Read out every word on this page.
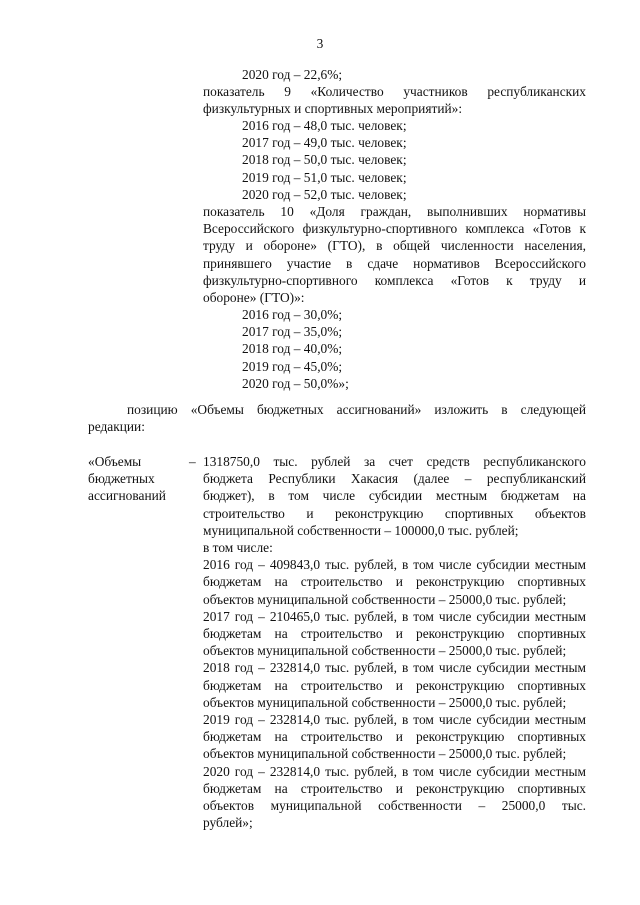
3
2020 год – 22,6%;
показатель 9 «Количество участников республиканских
физкультурных и спортивных мероприятий»:
2016 год – 48,0 тыс. человек;
2017 год – 49,0 тыс. человек;
2018 год – 50,0 тыс. человек;
2019 год – 51,0 тыс. человек;
2020 год – 52,0 тыс. человек;
показатель 10 «Доля граждан, выполнивших нормативы
Всероссийского физкультурно-спортивного комплекса «Готов к
труду и обороне» (ГТО), в общей численности населения,
принявшего участие в сдаче нормативов Всероссийского
физкультурно-спортивного комплекса «Готов к труду и
обороне» (ГТО)»:
2016 год – 30,0%;
2017 год – 35,0%;
2018 год – 40,0%;
2019 год – 45,0%;
2020 год – 50,0%»;
позицию «Объемы бюджетных ассигнований» изложить в следующей
редакции:
«Объемы
бюджетных
ассигнований
– 1318750,0 тыс. рублей за счет средств республиканского
бюджета Республики Хакасия (далее – республиканский
бюджет), в том числе субсидии местным бюджетам на
строительство и реконструкцию спортивных объектов
муниципальной собственности – 100000,0 тыс. рублей;
в том числе:
2016 год – 409843,0 тыс. рублей, в том числе субсидии местным
бюджетам на строительство и реконструкцию спортивных
объектов муниципальной собственности – 25000,0 тыс. рублей;
2017 год – 210465,0 тыс. рублей, в том числе субсидии местным
бюджетам на строительство и реконструкцию спортивных
объектов муниципальной собственности – 25000,0 тыс. рублей;
2018 год – 232814,0 тыс. рублей, в том числе субсидии местным
бюджетам на строительство и реконструкцию спортивных
объектов муниципальной собственности – 25000,0 тыс. рублей;
2019 год – 232814,0 тыс. рублей, в том числе субсидии местным
бюджетам на строительство и реконструкцию спортивных
объектов муниципальной собственности – 25000,0 тыс. рублей;
2020 год – 232814,0 тыс. рублей, в том числе субсидии местным
бюджетам на строительство и реконструкцию спортивных
объектов муниципальной собственности – 25000,0 тыс.
рублей»;
